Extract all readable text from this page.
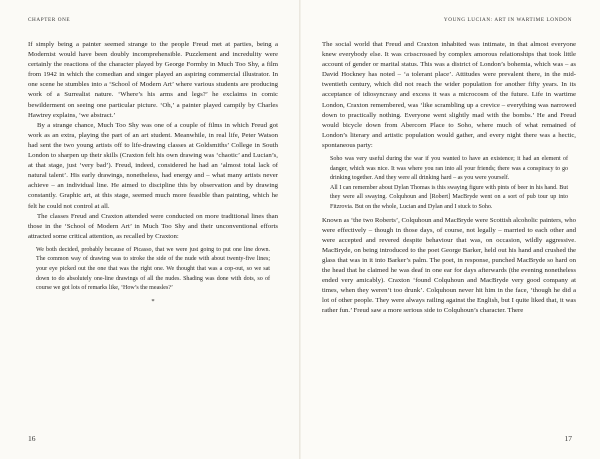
CHAPTER ONE

If simply being a painter seemed strange to the people Freud met at parties, being a Modernist would have been doubly incomprehensible. Puzzlement and incredulity were certainly the reactions of the character played by George Formby in Much Too Shy, a film from 1942 in which the comedian and singer played an aspiring commercial illustrator. In one scene he stumbles into a ‘School of Modern Art’ where various students are producing work of a Surrealist nature. ‘Where’s his arms and legs?’ he exclaims in comic bewilderment on seeing one particular picture. ‘Oh,’ a painter played campily by Charles Hawtrey explains, ‘we abstract.’

By a strange chance, Much Too Shy was one of a couple of films in which Freud got work as an extra, playing the part of an art student. Meanwhile, in real life, Peter Watson had sent the two young artists off to life-drawing classes at Goldsmiths’ College in South London to sharpen up their skills (Craxton felt his own drawing was ‘chaotic’ and Lucian’s, at that stage, just ‘very bad’). Freud, indeed, considered he had an ‘almost total lack of natural talent’. His early drawings, nonetheless, had energy and – what many artists never achieve – an individual line. He aimed to discipline this by observation and by drawing constantly. Graphic art, at this stage, seemed much more feasible than painting, which he felt he could not control at all.

The classes Freud and Craxton attended were conducted on more traditional lines than those in the ‘School of Modern Art’ in Much Too Shy and their unconventional efforts attracted some critical attention, as recalled by Craxton:

We both decided, probably because of Picasso, that we were just going to put one line down. The common way of drawing was to stroke the side of the nude with about twenty-five lines; your eye picked out the one that was the right one. We thought that was a cop-out, so we sat down to do absolutely one-line drawings of all the nudes. Shading was done with dots, so of course we got lots of remarks like, ‘How’s the measles?’

*
16
YOUNG LUCIAN: ART IN WARTIME LONDON

The social world that Freud and Craxton inhabited was intimate, in that almost everyone knew everybody else. It was crisscrossed by complex amorous relationships that took little account of gender or marital status. This was a district of London’s bohemia, which was – as David Hockney has noted – ‘a tolerant place’. Attitudes were prevalent there, in the mid-twentieth century, which did not reach the wider population for another fifty years. In its acceptance of idiosyncrasy and excess it was a microcosm of the future. Life in wartime London, Craxton remembered, was ‘like scrambling up a crevice – everything was narrowed down to practically nothing. Everyone went slightly mad with the bombs.’ He and Freud would bicycle down from Abercorn Place to Soho, where much of what remained of London’s literary and artistic population would gather, and every night there was a hectic, spontaneous party:

Soho was very useful during the war if you wanted to have an existence; it had an element of danger, which was nice. It was where you ran into all your friends; there was a conspiracy to go drinking together. And they were all drinking hard – as you were yourself.

All I can remember about Dylan Thomas is this swaying figure with pints of beer in his hand. But they were all swaying. Colquhoun and [Robert] MacBryde went on a sort of pub tour up into Fitzrovia. But on the whole, Lucian and Dylan and I stuck to Soho.

Known as ‘the two Roberts’, Colquhoun and MacBryde were Scottish alcoholic painters, who were effectively – though in those days, of course, not legally – married to each other and were accepted and revered despite behaviour that was, on occasion, wildly aggressive. MacBryde, on being introduced to the poet George Barker, held out his hand and crushed the glass that was in it into Barker’s palm. The poet, in response, punched MacBryde so hard on the head that he claimed he was deaf in one ear for days afterwards (the evening nonetheless ended very amicably). Craxton ‘found Colquhoun and MacBryde very good company at times, when they weren’t too drunk’. Colquhoun never hit him in the face, ‘though he did a lot of other people. They were always railing against the English, but I quite liked that, it was rather fun.’ Freud saw a more serious side to Colquhoun’s character. There

17
